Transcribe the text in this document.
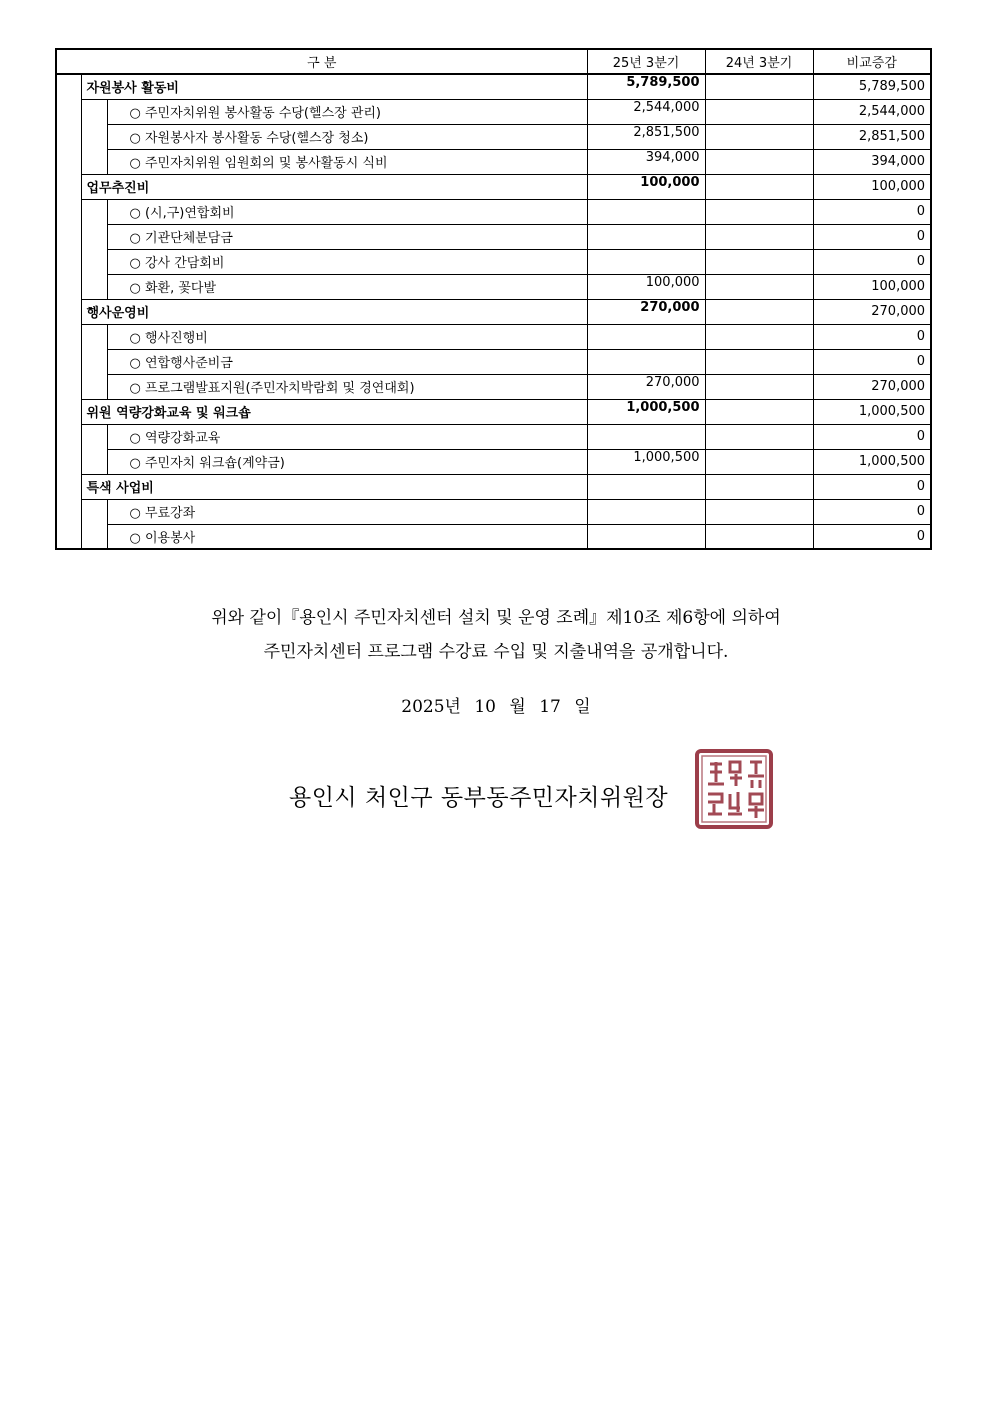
구 분			25년 3분기	24년 3분기	비교증감
	자원봉사 활동비		5,789,500		5,789,500
		○ 주민자치위원 봉사활동 수당(헬스장 관리)	2,544,000		2,544,000
		○ 자원봉사자 봉사활동 수당(헬스장 청소)	2,851,500		2,851,500
		○ 주민자치위원 임원회의 및 봉사활동시 식비	394,000		394,000
	업무추진비		100,000		100,000
		○ (시,구)연합회비			0
		○ 기관단체분담금			0
		○ 강사 간담회비			0
		○ 화환, 꽃다발	100,000		100,000
	행사운영비		270,000		270,000
		○ 행사진행비			0
		○ 연합행사준비금			0
		○ 프로그램발표지원(주민자치박람회 및 경연대회)	270,000		270,000
	위원 역량강화교육 및 워크숍		1,000,500		1,000,500
		○ 역량강화교육			0
		○ 주민자치 워크숍(계약금)	1,000,500		1,000,500
	특색 사업비				0
		○ 무료강좌			0
		○ 이용봉사			0
위와 같이『용인시 주민자치센터 설치 및 운영 조례』제10조 제6항에 의하여
주민자치센터 프로그램 수강료 수입 및 지출내역을 공개합니다.
2025년 10 월 17 일
용인시 처인구 동부동주민자치위원장
